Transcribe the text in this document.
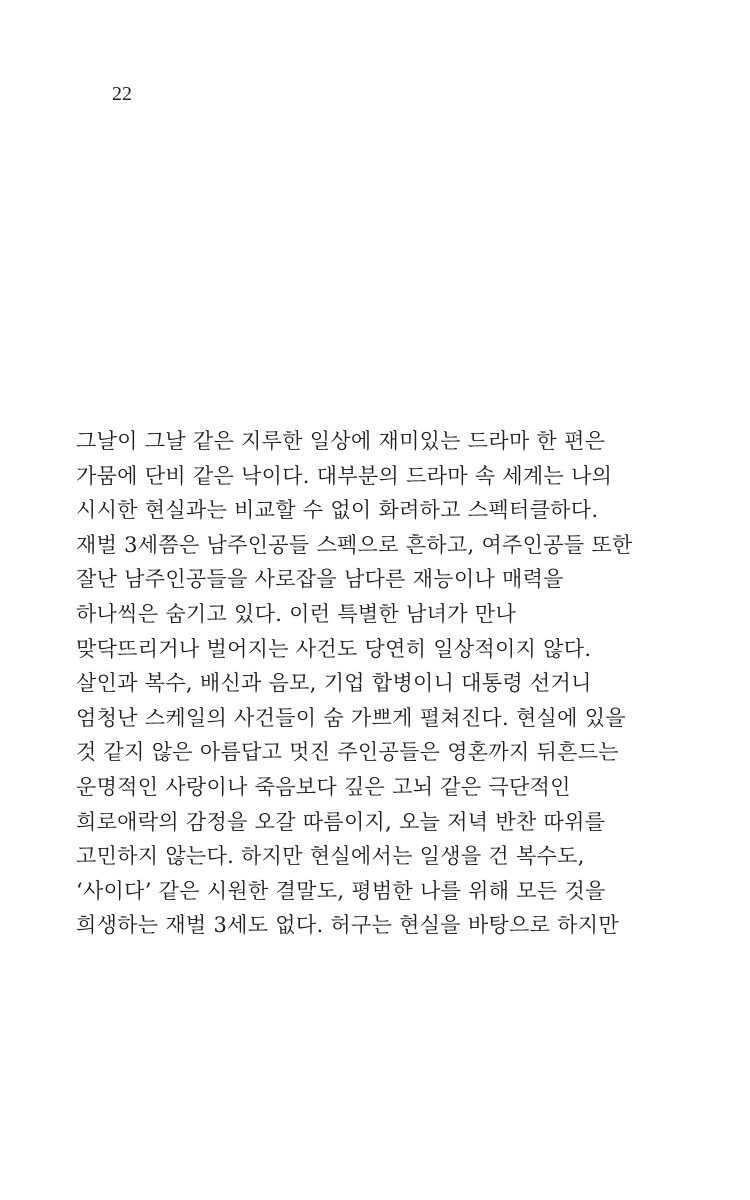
22
그날이 그날 같은 지루한 일상에 재미있는 드라마 한 편은
가뭄에 단비 같은 낙이다. 대부분의 드라마 속 세계는 나의
시시한 현실과는 비교할 수 없이 화려하고 스펙터클하다.
재벌 3세쯤은 남주인공들 스펙으로 흔하고, 여주인공들 또한
잘난 남주인공들을 사로잡을 남다른 재능이나 매력을
하나씩은 숨기고 있다. 이런 특별한 남녀가 만나
맞닥뜨리거나 벌어지는 사건도 당연히 일상적이지 않다.
살인과 복수, 배신과 음모, 기업 합병이니 대통령 선거니
엄청난 스케일의 사건들이 숨 가쁘게 펼쳐진다. 현실에 있을
것 같지 않은 아름답고 멋진 주인공들은 영혼까지 뒤흔드는
운명적인 사랑이나 죽음보다 깊은 고뇌 같은 극단적인
희로애락의 감정을 오갈 따름이지, 오늘 저녁 반찬 따위를
고민하지 않는다. 하지만 현실에서는 일생을 건 복수도,
‘사이다’ 같은 시원한 결말도, 평범한 나를 위해 모든 것을
희생하는 재벌 3세도 없다. 허구는 현실을 바탕으로 하지만
